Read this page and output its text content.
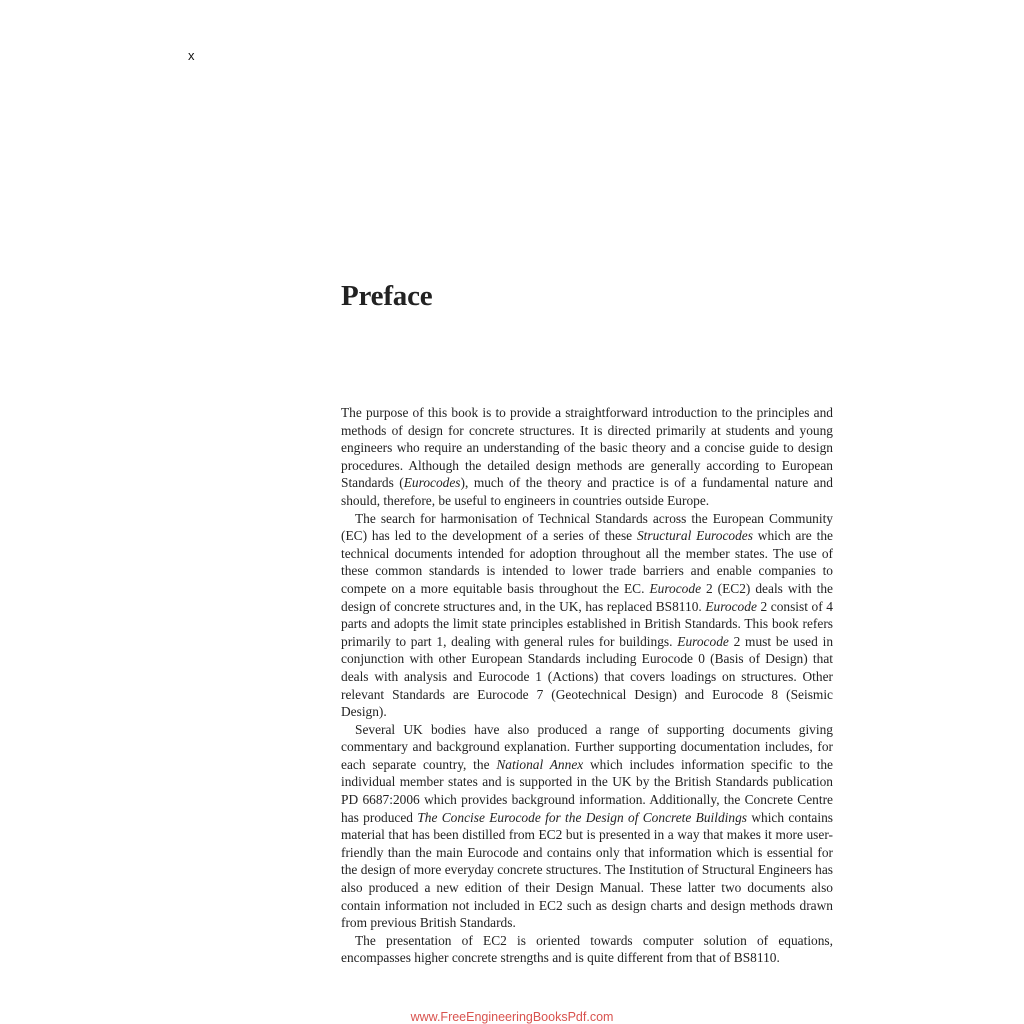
x
Preface

The purpose of this book is to provide a straightforward introduction to the principles and methods of design for concrete structures. It is directed primarily at students and young engineers who require an understanding of the basic theory and a concise guide to design procedures. Although the detailed design methods are generally according to European Standards (Eurocodes), much of the theory and practice is of a fundamental nature and should, therefore, be useful to engineers in countries outside Europe.

The search for harmonisation of Technical Standards across the European Community (EC) has led to the development of a series of these Structural Eurocodes which are the technical documents intended for adoption throughout all the member states. The use of these common standards is intended to lower trade barriers and enable companies to compete on a more equitable basis throughout the EC. Eurocode 2 (EC2) deals with the design of concrete structures and, in the UK, has replaced BS8110. Eurocode 2 consist of 4 parts and adopts the limit state principles established in British Standards. This book refers primarily to part 1, dealing with general rules for buildings. Eurocode 2 must be used in conjunction with other European Standards including Eurocode 0 (Basis of Design) that deals with analysis and Eurocode 1 (Actions) that covers loadings on structures. Other relevant Standards are Eurocode 7 (Geotechnical Design) and Eurocode 8 (Seismic Design).

Several UK bodies have also produced a range of supporting documents giving commentary and background explanation. Further supporting documentation includes, for each separate country, the National Annex which includes information specific to the individual member states and is supported in the UK by the British Standards publication PD 6687:2006 which provides background information. Additionally, the Concrete Centre has produced The Concise Eurocode for the Design of Concrete Buildings which contains material that has been distilled from EC2 but is presented in a way that makes it more user-friendly than the main Eurocode and contains only that information which is essential for the design of more everyday concrete structures. The Institution of Structural Engineers has also produced a new edition of their Design Manual. These latter two documents also contain information not included in EC2 such as design charts and design methods drawn from previous British Standards.

The presentation of EC2 is oriented towards computer solution of equations, encompasses higher concrete strengths and is quite different from that of BS8110.

www.FreeEngineeringBooksPdf.com
